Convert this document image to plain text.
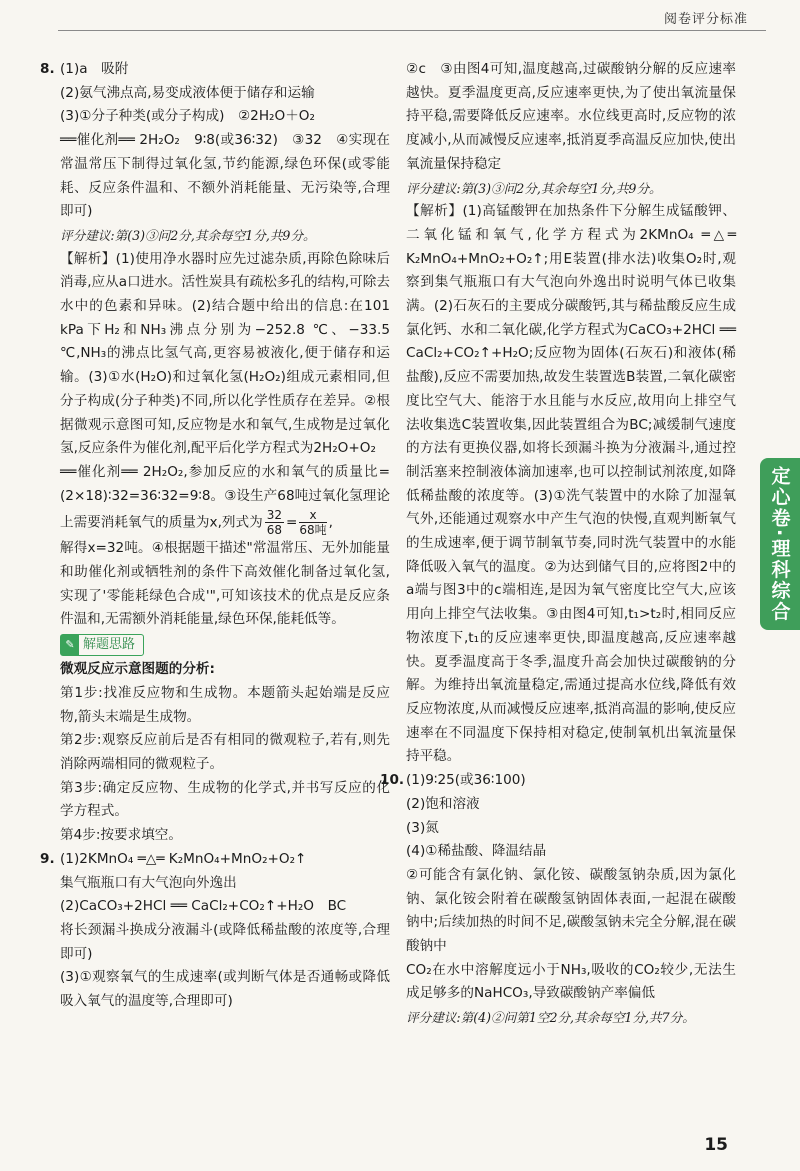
阅卷评分标准

8. (1)a　吸附

(2)氨气沸点高,易变成液体便于储存和运输

(3)①分子种类(或分子构成)　②2H₂O＋O₂

══催化剂══ 2H₂O₂　9∶8(或36∶32)　③32　④实现在常温常压下制得过氧化氢,节约能源,绿色环保(或零能耗、反应条件温和、不额外消耗能量、无污染等,合理即可)

评分建议:第(3)③问2分,其余每空1分,共9分。

【解析】(1)使用净水器时应先过滤杂质,再除色除味后消毒,应从a口进水。活性炭具有疏松多孔的结构,可除去水中的色素和异味。(2)结合题中给出的信息:在101 kPa下H₂和NH₃沸点分别为−252.8 ℃、−33.5 ℃,NH₃的沸点比氢气高,更容易被液化,便于储存和运输。(3)①水(H₂O)和过氧化氢(H₂O₂)组成元素相同,但分子构成(分子种类)不同,所以化学性质存在差异。②根据微观示意图可知,反应物是水和氧气,生成物是过氧化氢,反应条件为催化剂,配平后化学方程式为2H₂O+O₂

══催化剂══ 2H₂O₂,参加反应的水和氧气的质量比=(2×18)∶32=36∶32=9∶8。③设生产68吨过氧化氢理论上需要消耗氧气的质量为x,列式为 $\frac{32}{68} = \frac{x}{\text{68吨}}$ ,

解得x=32吨。④根据题干描述"常温常压、无外加能量和助催化剂或牺牲剂的条件下高效催化制备过氧化氢,实现了'零能耗绿色合成'",可知该技术的优点是反应条件温和,无需额外消耗能量,绿色环保,能耗低等。

✎ 解题思路

微观反应示意图题的分析:

第1步:找准反应物和生成物。本题箭头起始端是反应物,箭头末端是生成物。

第2步:观察反应前后是否有相同的微观粒子,若有,则先消除两端相同的微观粒子。

第3步:确定反应物、生成物的化学式,并书写反应的化学方程式。

第4步:按要求填空。

9. (1)2KMnO₄ ═△═ K₂MnO₄+MnO₂+O₂↑

集气瓶瓶口有大气泡向外逸出

(2)CaCO₃+2HCl ══ CaCl₂+CO₂↑+H₂O　BC

将长颈漏斗换成分液漏斗(或降低稀盐酸的浓度等,合理即可)

(3)①观察氧气的生成速率(或判断气体是否通畅或降低吸入氧气的温度等,合理即可)

②c　③由图4可知,温度越高,过碳酸钠分解的反应速率越快。夏季温度更高,反应速率更快,为了使出氧流量保持平稳,需要降低反应速率。水位线更高时,反应物的浓度减小,从而减慢反应速率,抵消夏季高温反应加快,使出氧流量保持稳定

评分建议:第(3)③问2分,其余每空1分,共9分。

【解析】(1)高锰酸钾在加热条件下分解生成锰酸钾、二氧化锰和氧气,化学方程式为2KMnO₄ ═△═ K₂MnO₄+MnO₂+O₂↑;用E装置(排水法)收集O₂时,观察到集气瓶瓶口有大气泡向外逸出时说明气体已收集满。(2)石灰石的主要成分碳酸钙,其与稀盐酸反应生成氯化钙、水和二氧化碳,化学方程式为CaCO₃+2HCl ══ CaCl₂+CO₂↑+H₂O;反应物为固体(石灰石)和液体(稀盐酸),反应不需要加热,故发生装置选B装置,二氧化碳密度比空气大、能溶于水且能与水反应,故用向上排空气法收集选C装置收集,因此装置组合为BC;减缓制气速度的方法有更换仪器,如将长颈漏斗换为分液漏斗,通过控制活塞来控制液体滴加速率,也可以控制试剂浓度,如降低稀盐酸的浓度等。(3)①洗气装置中的水除了加湿氧气外,还能通过观察水中产生气泡的快慢,直观判断氧气的生成速率,便于调节制氧节奏,同时洗气装置中的水能降低吸入氧气的温度。②为达到储气目的,应将图2中的a端与图3中的c端相连,是因为氧气密度比空气大,应该用向上排空气法收集。③由图4可知,t₁>t₂时,相同反应物浓度下,t₁的反应速率更快,即温度越高,反应速率越快。夏季温度高于冬季,温度升高会加快过碳酸钠的分解。为维持出氧流量稳定,需通过提高水位线,降低有效反应物浓度,从而减慢反应速率,抵消高温的影响,使反应速率在不同温度下保持相对稳定,使制氧机出氧流量保持平稳。

10. (1)9∶25(或36∶100)

(2)饱和溶液

(3)氮

(4)①稀盐酸、降温结晶

②可能含有氯化钠、氯化铵、碳酸氢钠杂质,因为氯化钠、氯化铵会附着在碳酸氢钠固体表面,一起混在碳酸钠中;后续加热的时间不足,碳酸氢钠未完全分解,混在碳酸钠中

CO₂在水中溶解度远小于NH₃,吸收的CO₂较少,无法生成足够多的NaHCO₃,导致碳酸钠产率偏低

评分建议:第(4)②问第1空2分,其余每空1分,共7分。

定心卷·理科综合
15
